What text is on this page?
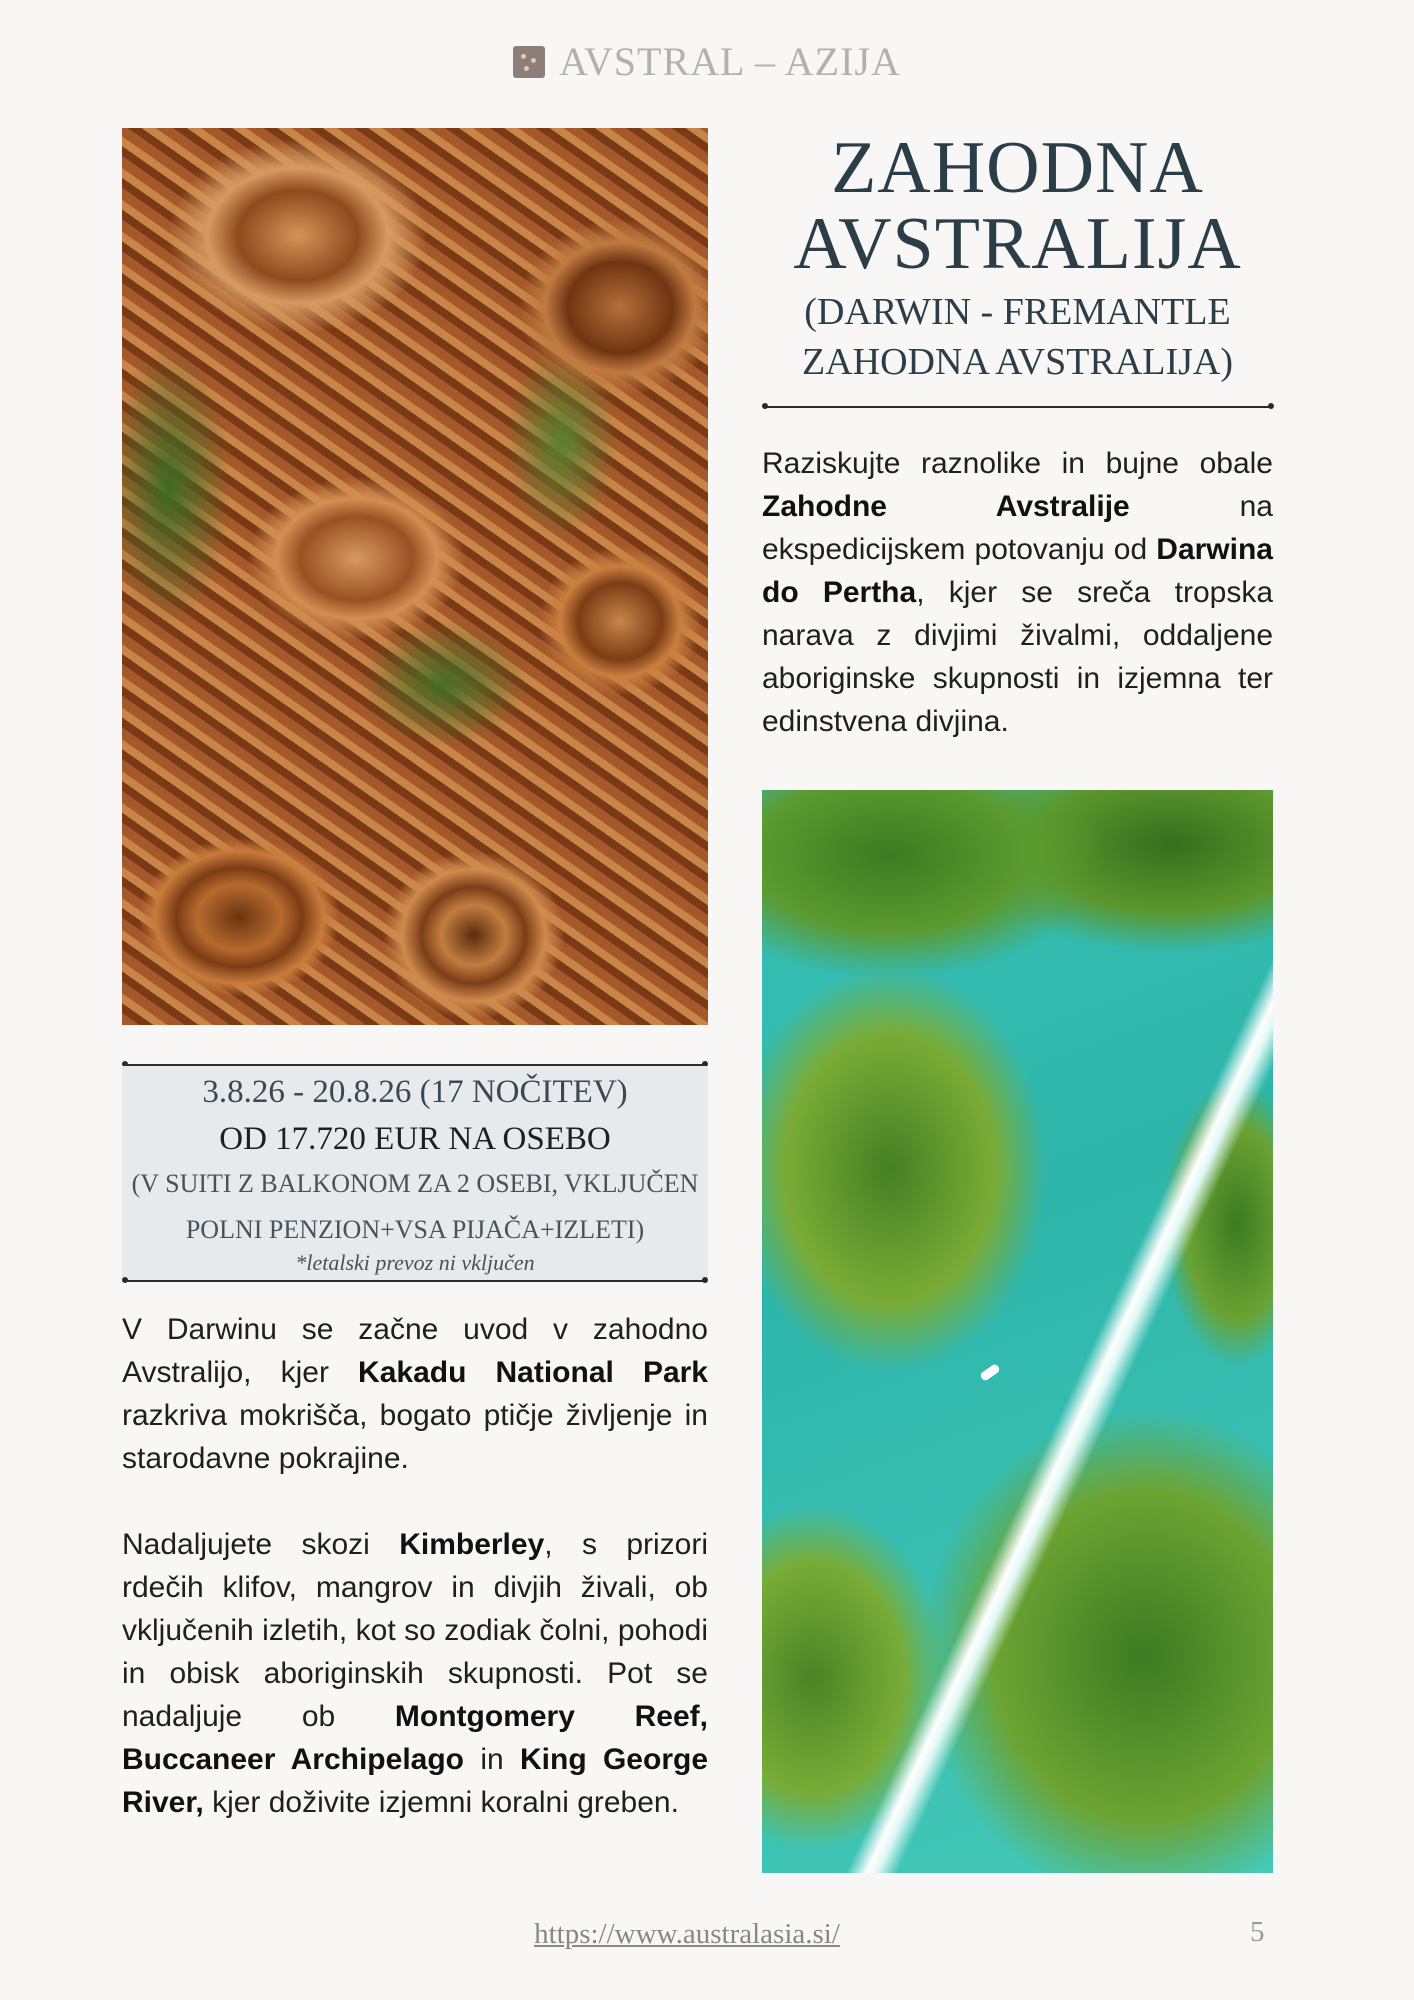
AVSTRAL – AZIJA
ZAHODNA
AVSTRALIJA
(DARWIN - FREMANTLE
ZAHODNA AVSTRALIJA)
Raziskujte raznolike in bujne obale Zahodne Avstralije na ekspedicijskem potovanju od Darwina do Pertha, kjer se sreča tropska narava z divjimi živalmi, oddaljene aboriginske skupnosti in izjemna ter edinstvena divjina.
3.8.26 - 20.8.26 (17 NOČITEV)
OD 17.720 EUR NA OSEBO
(V SUITI Z BALKONOM ZA 2 OSEBI, VKLJUČEN
POLNI PENZION+VSA PIJAČA+IZLETI)
*letalski prevoz ni vključen
V Darwinu se začne uvod v zahodno Avstralijo, kjer Kakadu National Park razkriva mokrišča, bogato ptičje življenje in starodavne pokrajine.
Nadaljujete skozi Kimberley, s prizori rdečih klifov, mangrov in divjih živali, ob vključenih izletih, kot so zodiak čolni, pohodi in obisk aboriginskih skupnosti. Pot se nadaljuje ob Montgomery Reef, Buccaneer Archipelago in King George River, kjer doživite izjemni koralni greben.
https://www.australasia.si/	5
